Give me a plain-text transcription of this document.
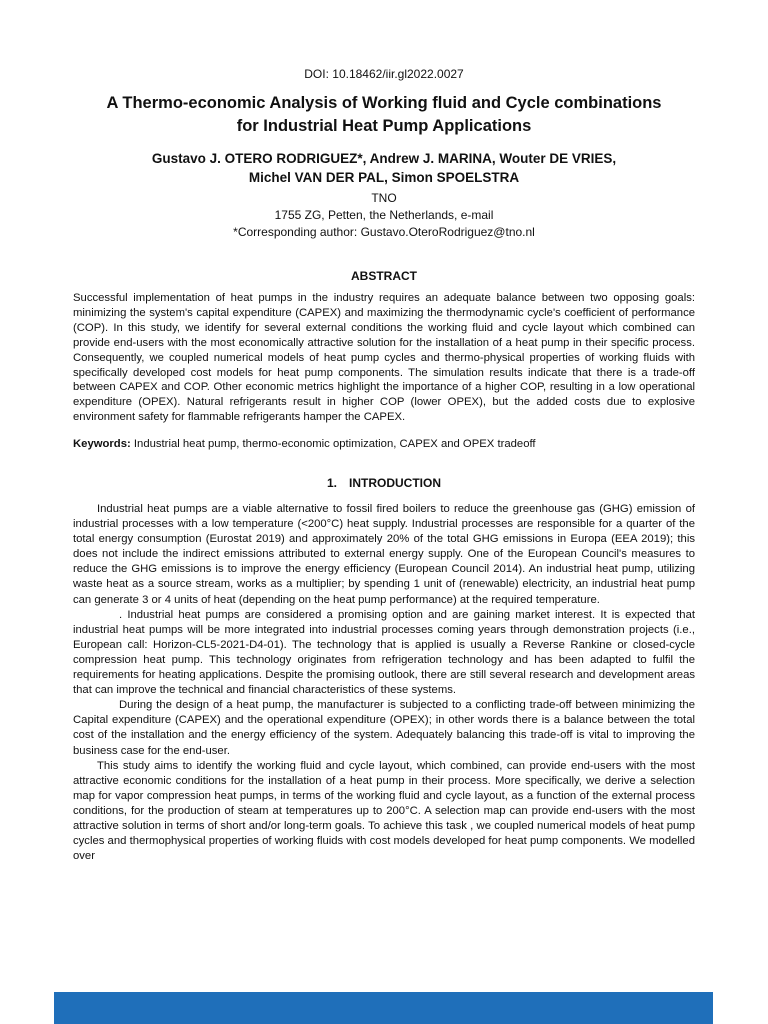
DOI: 10.18462/iir.gl2022.0027
A Thermo-economic Analysis of Working fluid and Cycle combinations
for Industrial Heat Pump Applications
Gustavo J. OTERO RODRIGUEZ*, Andrew J. MARINA, Wouter DE VRIES,
Michel VAN DER PAL, Simon SPOELSTRA
TNO
1755 ZG, Petten, the Netherlands, e-mail
*Corresponding author: Gustavo.OteroRodriguez@tno.nl
ABSTRACT

Successful implementation of heat pumps in the industry requires an adequate balance between two opposing goals: minimizing the system's capital expenditure (CAPEX) and maximizing the thermodynamic cycle's coefficient of performance (COP). In this study, we identify for several external conditions the working fluid and cycle layout which combined can provide end-users with the most economically attractive solution for the installation of a heat pump in their specific process. Consequently, we coupled numerical models of heat pump cycles and thermo-physical properties of working fluids with specifically developed cost models for heat pump components. The simulation results indicate that there is a trade-off between CAPEX and COP. Other economic metrics highlight the importance of a higher COP, resulting in a low operational expenditure (OPEX). Natural refrigerants result in higher COP (lower OPEX), but the added costs due to explosive environment safety for flammable refrigerants hamper the CAPEX.

Keywords: Industrial heat pump, thermo-economic optimization, CAPEX and OPEX tradeoff

1. INTRODUCTION

Industrial heat pumps are a viable alternative to fossil fired boilers to reduce the greenhouse gas (GHG) emission of industrial processes with a low temperature (<200°C) heat supply. Industrial processes are responsible for a quarter of the total energy consumption (Eurostat 2019) and approximately 20% of the total GHG emissions in Europa (EEA 2019); this does not include the indirect emissions attributed to external energy supply. One of the European Council's measures to reduce the GHG emissions is to improve the energy efficiency (European Council 2014). An industrial heat pump, utilizing waste heat as a source stream, works as a multiplier; by spending 1 unit of (renewable) electricity, an industrial heat pump can generate 3 or 4 units of heat (depending on the heat pump performance) at the required temperature.

. Industrial heat pumps are considered a promising option and are gaining market interest. It is expected that industrial heat pumps will be more integrated into industrial processes coming years through demonstration projects (i.e., European call: Horizon-CL5-2021-D4-01). The technology that is applied is usually a Reverse Rankine or closed-cycle compression heat pump. This technology originates from refrigeration technology and has been adapted to fulfil the requirements for heating applications. Despite the promising outlook, there are still several research and development areas that can improve the technical and financial characteristics of these systems.

During the design of a heat pump, the manufacturer is subjected to a conflicting trade-off between minimizing the Capital expenditure (CAPEX) and the operational expenditure (OPEX); in other words there is a balance between the total cost of the installation and the energy efficiency of the system. Adequately balancing this trade-off is vital to improving the business case for the end-user.

This study aims to identify the working fluid and cycle layout, which combined, can provide end-users with the most attractive economic conditions for the installation of a heat pump in their process. More specifically, we derive a selection map for vapor compression heat pumps, in terms of the working fluid and cycle layout, as a function of the external process conditions, for the production of steam at temperatures up to 200°C. A selection map can provide end-users with the most attractive solution in terms of short and/or long-term goals. To achieve this task , we coupled numerical models of heat pump cycles and thermophysical properties of working fluids with cost models developed for heat pump components. We modelled over
